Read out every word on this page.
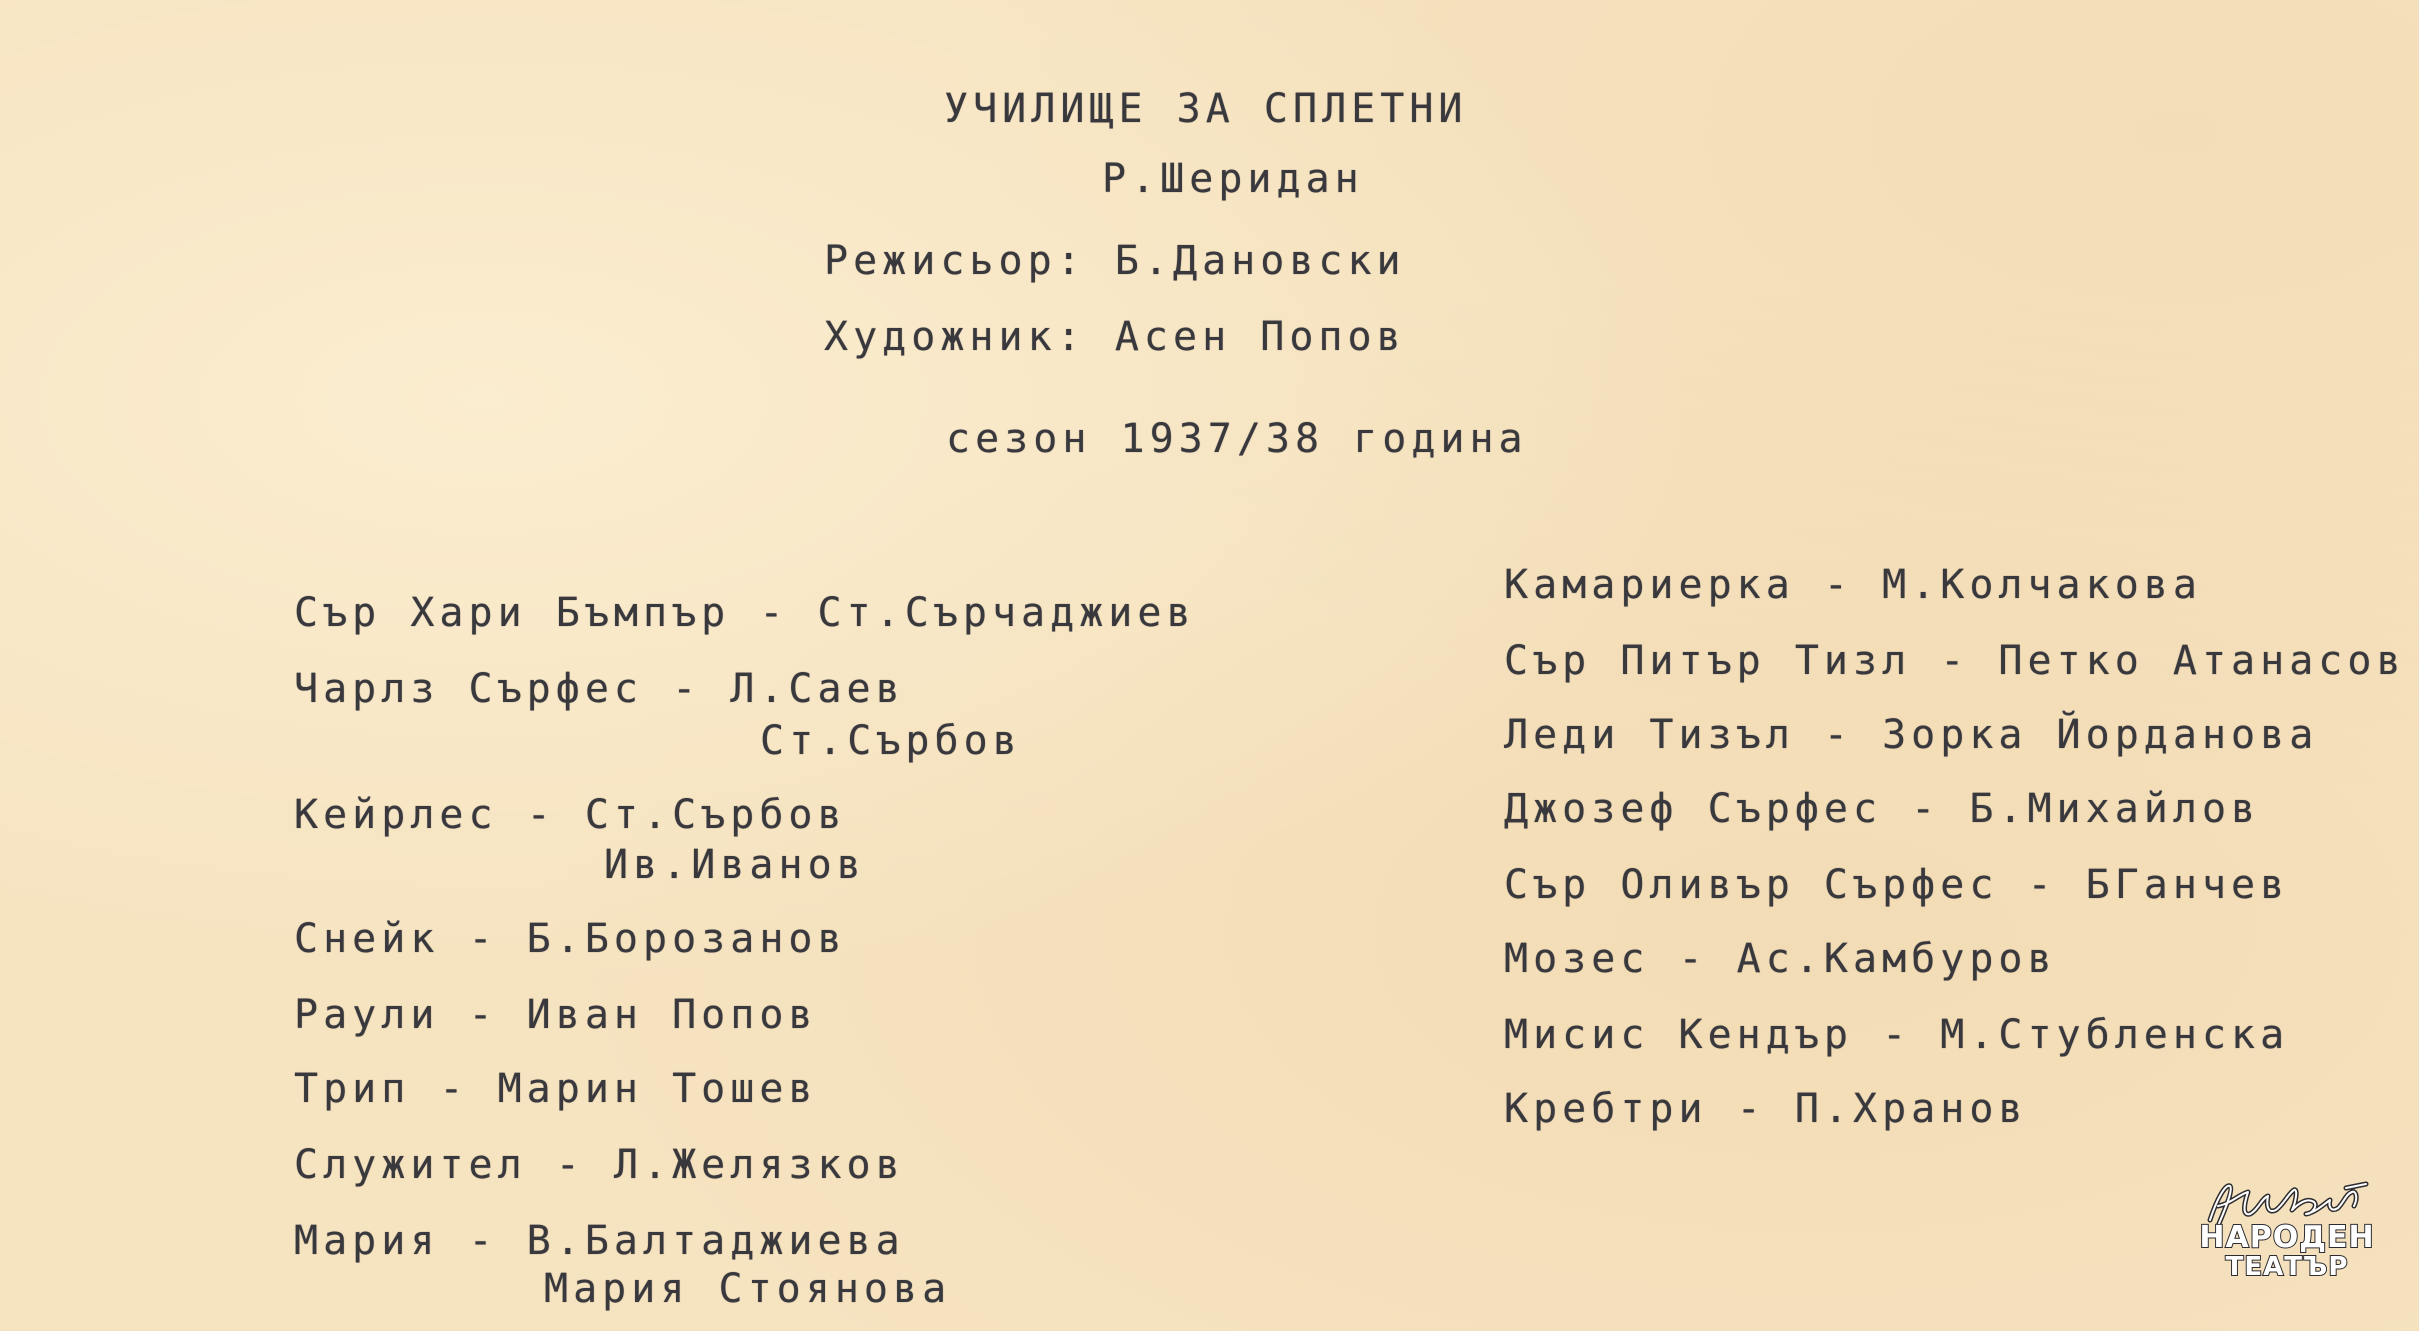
УЧИЛИЩЕ ЗА СПЛЕТНИ
Р.Шеридан
Режисьор: Б.Дановски
Художник: Асен Попов
сезон 1937/38 година
Сър Хари Бъмпър - Ст.Сърчаджиев
Чарлз Сърфес - Л.Саев
Ст.Сърбов
Кейрлес - Ст.Сърбов
Ив.Иванов
Снейк - Б.Борозанов
Раули - Иван Попов
Трип - Марин Тошев
Служител - Л.Желязков
Мария - В.Балтаджиева
Мария Стоянова
Камариерка - М.Колчакова
Сър Питър Тизл - Петко Атанасов
Леди Тизъл - Зорка Йорданова
Джозеф Сърфес - Б.Михайлов
Сър Оливър Сърфес - БГанчев
Мозес - Ас.Камбуров
Мисис Кендър - М.Стубленска
Кребтри - П.Хранов
НАРОДЕН
ТЕАТЪР
